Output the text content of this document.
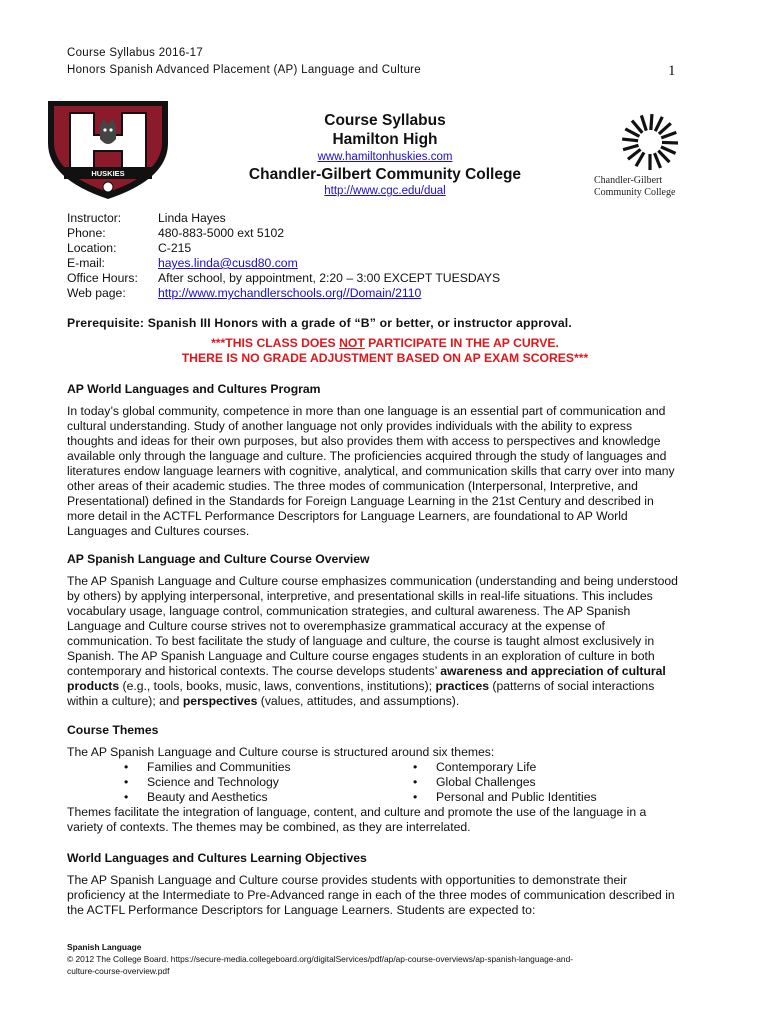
Course Syllabus 2016-17
Honors Spanish Advanced Placement (AP) Language and Culture	1
HUSKIES
Chandler-Gilbert
Community College
Course Syllabus
Hamilton High
www.hamiltonhuskies.com
Chandler-Gilbert Community College
http://www.cgc.edu/dual
Instructor:	Linda Hayes
Phone:	480-883-5000 ext 5102
Location:	C-215
E-mail:	hayes.linda@cusd80.com
Office Hours:	After school, by appointment, 2:20 – 3:00 EXCEPT TUESDAYS
Web page:	http://www.mychandlerschools.org//Domain/2110
Prerequisite: Spanish III Honors with a grade of “B” or better, or instructor approval.
***THIS CLASS DOES NOT PARTICIPATE IN THE AP CURVE.
THERE IS NO GRADE ADJUSTMENT BASED ON AP EXAM SCORES***
AP World Languages and Cultures Program
In today’s global community, competence in more than one language is an essential part of communication and
cultural understanding. Study of another language not only provides individuals with the ability to express
thoughts and ideas for their own purposes, but also provides them with access to perspectives and knowledge
available only through the language and culture. The proficiencies acquired through the study of languages and
literatures endow language learners with cognitive, analytical, and communication skills that carry over into many
other areas of their academic studies. The three modes of communication (Interpersonal, Interpretive, and
Presentational) defined in the Standards for Foreign Language Learning in the 21st Century and described in
more detail in the ACTFL Performance Descriptors for Language Learners, are foundational to AP World
Languages and Cultures courses.
AP Spanish Language and Culture Course Overview
The AP Spanish Language and Culture course emphasizes communication (understanding and being understood
by others) by applying interpersonal, interpretive, and presentational skills in real-life situations. This includes
vocabulary usage, language control, communication strategies, and cultural awareness. The AP Spanish
Language and Culture course strives not to overemphasize grammatical accuracy at the expense of
communication. To best facilitate the study of language and culture, the course is taught almost exclusively in
Spanish. The AP Spanish Language and Culture course engages students in an exploration of culture in both
contemporary and historical contexts. The course develops students’ awareness and appreciation of cultural
products (e.g., tools, books, music, laws, conventions, institutions); practices (patterns of social interactions
within a culture); and perspectives (values, attitudes, and assumptions).
Course Themes
The AP Spanish Language and Culture course is structured around six themes:
• Families and Communities	• Contemporary Life
• Science and Technology	• Global Challenges
• Beauty and Aesthetics	• Personal and Public Identities
Themes facilitate the integration of language, content, and culture and promote the use of the language in a
variety of contexts. The themes may be combined, as they are interrelated.
World Languages and Cultures Learning Objectives
The AP Spanish Language and Culture course provides students with opportunities to demonstrate their
proficiency at the Intermediate to Pre-Advanced range in each of the three modes of communication described in
the ACTFL Performance Descriptors for Language Learners. Students are expected to:
Spanish Language
© 2012 The College Board. https://secure-media.collegeboard.org/digitalServices/pdf/ap/ap-course-overviews/ap-spanish-language-and-
culture-course-overview.pdf
